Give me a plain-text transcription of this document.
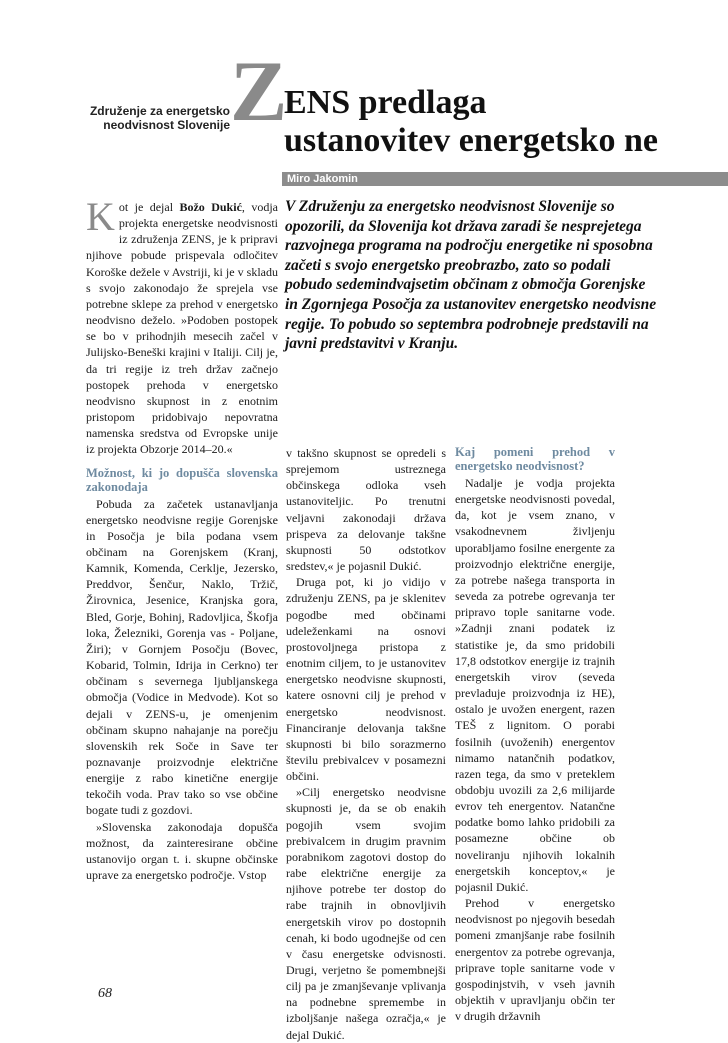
Združenje za energetsko
neodvisnost Slovenije Z
ENS predlaga
ustanovitev energetsko ne
Miro Jakomin
V Združenju za energetsko neodvisnost Slovenije so opozorili, da Slovenija kot država zaradi še nesprejetega razvojnega programa na področju energetike ni sposobna začeti s svojo energetsko preobrazbo, zato so podali pobudo sedemindvajsetim občinam z območja Gorenjske in Zgornjega Posočja za ustanovitev energetsko neodvisne regije. To pobudo so septembra podrobneje predstavili na javni predstavitvi v Kranju.

Kot je dejal Božo Dukić, vodja projekta energetske neodvisnosti iz združenja ZENS, je k pripravi njihove pobude prispevala odločitev Koroške dežele v Avstriji, ki je v skladu s svojo zakonodajo že sprejela vse potrebne sklepe za prehod v energetsko neodvisno deželo. »Podoben postopek se bo v prihodnjih mesecih začel v Julijsko-Beneški krajini v Italiji. Cilj je, da tri regije iz treh držav začnejo postopek prehoda v energetsko neodvisno skupnost in z enotnim pristopom pridobivajo nepovratna namenska sredstva od Evropske unije iz projekta Obzorje 2014–20.«

Možnost, ki jo dopušča slovenska zakonodaja

Pobuda za začetek ustanavljanja energetsko neodvisne regije Gorenjske in Posočja je bila podana vsem občinam na Gorenjskem (Kranj, Kamnik, Komenda, Cerklje, Jezersko, Preddvor, Šenčur, Naklo, Tržič, Žirovnica, Jesenice, Kranjska gora, Bled, Gorje, Bohinj, Radovljica, Škofja loka, Železniki, Gorenja vas - Poljane, Žiri); v Gornjem Posočju (Bovec, Kobarid, Tolmin, Idrija in Cerkno) ter občinam s severnega ljubljanskega območja (Vodice in Medvode). Kot so dejali v ZENS-u, je omenjenim občinam skupno nahajanje na porečju slovenskih rek Soče in Save ter poznavanje proizvodnje električne energije z rabo kinetične energije tekočih voda. Prav tako so vse občine bogate tudi z gozdovi.

»Slovenska zakonodaja dopušča možnost, da zainteresirane občine ustanovijo organ t. i. skupne občinske uprave za energetsko področje. Vstop

v takšno skupnost se opredeli s sprejemom ustreznega občinskega odloka vseh ustanoviteljic. Po trenutni veljavni zakonodaji država prispeva za delovanje takšne skupnosti 50 odstotkov sredstev,« je pojasnil Dukić.

Druga pot, ki jo vidijo v združenju ZENS, pa je sklenitev pogodbe med občinami udeleženkami na osnovi prostovoljnega pristopa z enotnim ciljem, to je ustanovitev energetsko neodvisne skupnosti, katere osnovni cilj je prehod v energetsko neodvisnost. Financiranje delovanja takšne skupnosti bi bilo sorazmerno številu prebivalcev v posamezni občini.

»Cilj energetsko neodvisne skupnosti je, da se ob enakih pogojih vsem svojim prebivalcem in drugim pravnim porabnikom zagotovi dostop do rabe električne energije za njihove potrebe ter dostop do rabe trajnih in obnovljivih energetskih virov po dostopnih cenah, ki bodo ugodnejše od cen v času energetske odvisnosti. Drugi, verjetno še pomembnejši cilj pa je zmanjševanje vplivanja na podnebne spremembe in izboljšanje našega ozračja,« je dejal Dukić.

Kaj pomeni prehod v energetsko neodvisnost?

Nadalje je vodja projekta energetske neodvisnosti povedal, da, kot je vsem znano, v vsakodnevnem življenju uporabljamo fosilne energente za proizvodnjo električne energije, za potrebe našega transporta in seveda za potrebe ogrevanja ter pripravo tople sanitarne vode. »Zadnji znani podatek iz statistike je, da smo pridobili 17,8 odstotkov energije iz trajnih energetskih virov (seveda prevladuje proizvodnja iz HE), ostalo je uvožen energent, razen TEŠ z lignitom. O porabi fosilnih (uvoženih) energentov nimamo natančnih podatkov, razen tega, da smo v preteklem obdobju uvozili za 2,6 milijarde evrov teh energentov. Natančne podatke bomo lahko pridobili za posamezne občine ob noveliranju njihovih lokalnih energetskih konceptov,« je pojasnil Dukić.

Prehod v energetsko neodvisnost po njegovih besedah pomeni zmanjšanje rabe fosilnih energentov za potrebe ogrevanja, priprave tople sanitarne vode v gospodinjstvih, v vseh javnih objektih v upravljanju občin ter v drugih državnih

68
